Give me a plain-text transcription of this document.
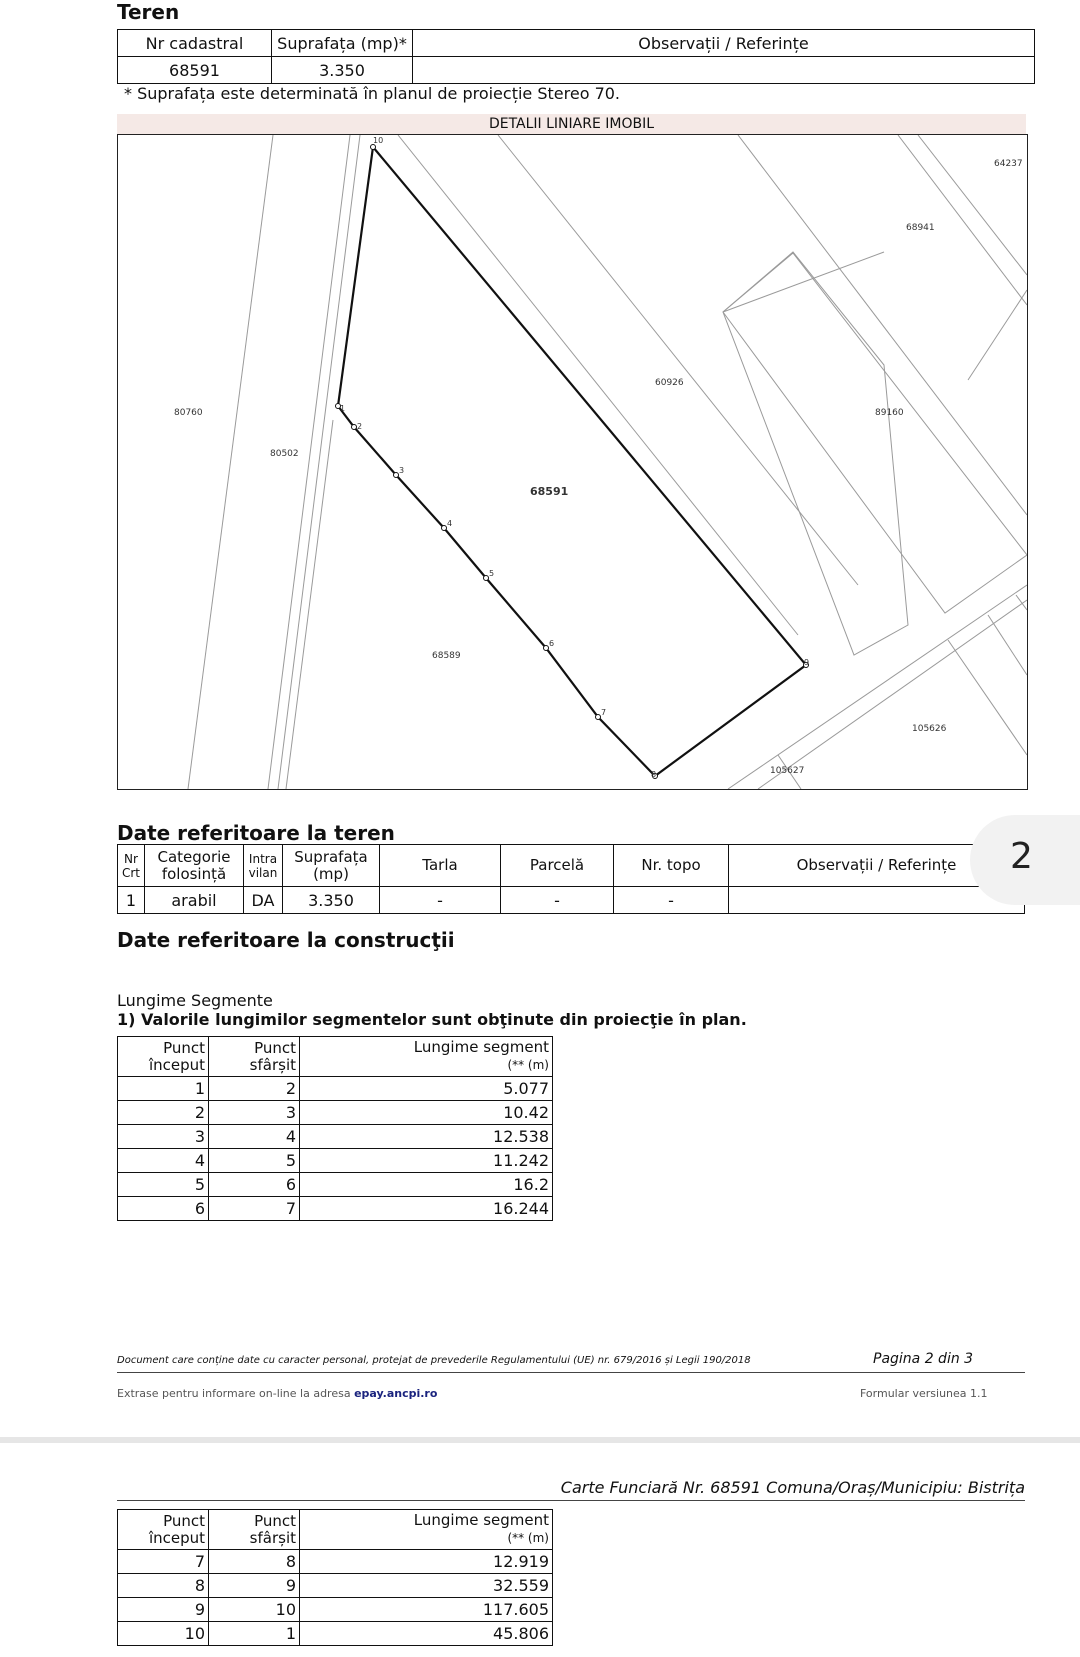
Teren
Nr cadastral	Suprafața (mp)*	Observații / Referințe
68591	3.350	
* Suprafața este determinată în planul de proiecție Stereo 70.
DETALII LINIARE IMOBIL
64237
68941
60926
89160
80760
80502
68591
68589
105626
105627
10
1
2
3
4
5
6
7
8
9
Date referitoare la teren
Nr Crt	Categorie folosință	Intra vilan	Suprafața (mp)	Tarla	Parcelă	Nr. topo	Observații / Referințe
1	arabil	DA	3.350	-	-	-	
2
Date referitoare la construcţii
Lungime Segmente
1) Valorile lungimilor segmentelor sunt obţinute din proiecţie în plan.
Punct început	Punct sfârșit	Lungime segment
(** (m)
1	2	5.077
2	3	10.42
3	4	12.538
4	5	11.242
5	6	16.2
6	7	16.244
Document care conține date cu caracter personal, protejat de prevederile Regulamentului (UE) nr. 679/2016 și Legii 190/2018	Pagina 2 din 3
Extrase pentru informare on-line la adresa epay.ancpi.ro	Formular versiunea 1.1
Carte Funciară Nr. 68591 Comuna/Oraș/Municipiu: Bistrița
Punct început	Punct sfârșit	Lungime segment
(** (m)
7	8	12.919
8	9	32.559
9	10	117.605
10	1	45.806
